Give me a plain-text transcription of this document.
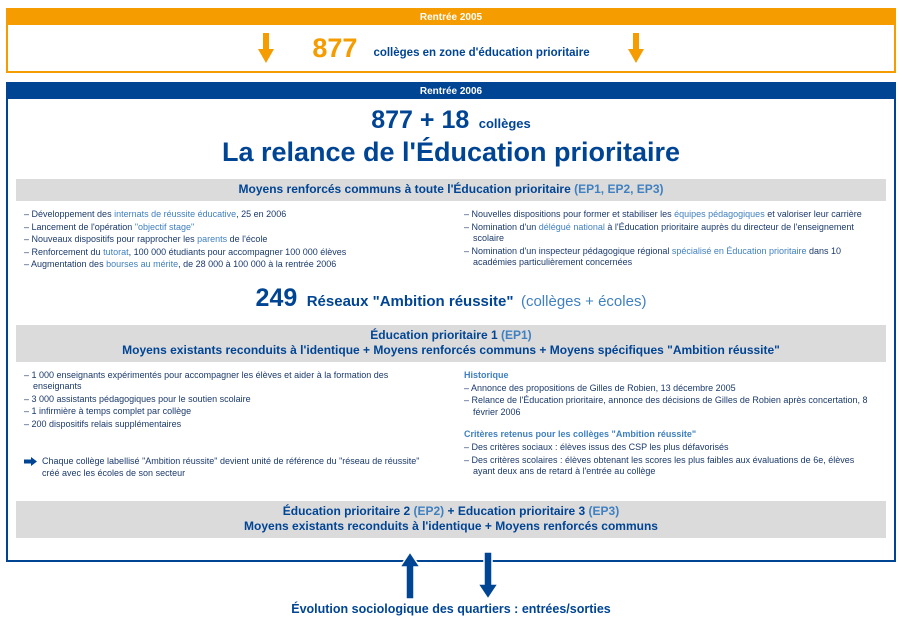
Rentrée 2005
877 collèges en zone d'éducation prioritaire
Rentrée 2006
877 + 18 collèges
La relance de l'Éducation prioritaire
Moyens renforcés communs à toute l'Éducation prioritaire (EP1, EP2, EP3)
– Développement des internats de réussite éducative, 25 en 2006
– Lancement de l'opération "objectif stage"
– Nouveaux dispositifs pour rapprocher les parents de l'école
– Renforcement du tutorat, 100 000 étudiants pour accompagner 100 000 élèves
– Augmentation des bourses au mérite, de 28 000 à 100 000 à la rentrée 2006
– Nouvelles dispositions pour former et stabiliser les équipes pédagogiques et valoriser leur carrière
– Nomination d'un délégué national à l'Éducation prioritaire auprès du directeur de l'enseignement scolaire
– Nomination d'un inspecteur pédagogique régional spécialisé en Éducation prioritaire dans 10 académies particulièrement concernées
249 Réseaux "Ambition réussite" (collèges + écoles)
Éducation prioritaire 1 (EP1)
Moyens existants reconduits à l'identique + Moyens renforcés communs + Moyens spécifiques "Ambition réussite"
– 1 000 enseignants expérimentés pour accompagner les élèves et aider à la formation des enseignants
– 3 000 assistants pédagogiques pour le soutien scolaire
– 1 infirmière à temps complet par collège
– 200 dispositifs relais supplémentaires
Chaque collège labellisé "Ambition réussite" devient unité de référence du "réseau de réussite" créé avec les écoles de son secteur
Historique
– Annonce des propositions de Gilles de Robien, 13 décembre 2005
– Relance de l'Éducation prioritaire, annonce des décisions de Gilles de Robien après concertation, 8 février 2006
Critères retenus pour les collèges "Ambition réussite"
– Des critères sociaux : élèves issus des CSP les plus défavorisés
– Des critères scolaires : élèves obtenant les scores les plus faibles aux évaluations de 6e, élèves ayant deux ans de retard à l'entrée au collège
Éducation prioritaire 2 (EP2) + Education prioritaire 3 (EP3)
Moyens existants reconduits à l'identique + Moyens renforcés communs
Évolution sociologique des quartiers : entrées/sorties
